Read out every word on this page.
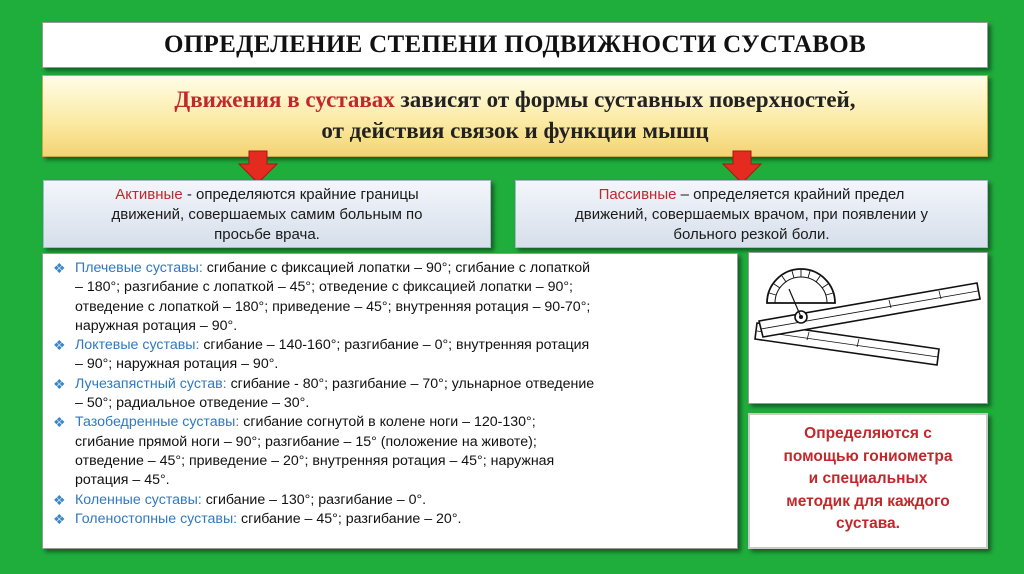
ОПРЕДЕЛЕНИЕ СТЕПЕНИ ПОДВИЖНОСТИ СУСТАВОВ
Движения в суставах зависят от формы суставных поверхностей,
от действия связок и функции мышц
Активные - определяются крайние границы
движений, совершаемых самим больным по
просьбе врача.
Пассивные – определяется крайний предел
движений, совершаемых врачом, при появлении у
больного резкой боли.
❖ Плечевые суставы: сгибание с фиксацией лопатки – 90°; сгибание с лопаткой
– 180°; разгибание с лопаткой – 45°; отведение с фиксацией лопатки – 90°;
отведение с лопаткой – 180°; приведение – 45°; внутренняя ротация – 90-70°;
наружная ротация – 90°.
❖ Локтевые суставы: сгибание – 140-160°; разгибание – 0°; внутренняя ротация
– 90°; наружная ротация – 90°.
❖ Лучезапястный сустав: сгибание - 80°; разгибание – 70°; ульнарное отведение
– 50°; радиальное отведение – 30°.
❖ Тазобедренные суставы: сгибание согнутой в колене ноги – 120-130°;
сгибание прямой ноги – 90°; разгибание – 15° (положение на животе);
отведение – 45°; приведение – 20°; внутренняя ротация – 45°; наружная
ротация – 45°.
❖ Коленные суставы: сгибание – 130°; разгибание – 0°.
❖ Голеностопные суставы: сгибание – 45°; разгибание – 20°.
Определяются с
помощью гониометра
и специальных
методик для каждого
сустава.
